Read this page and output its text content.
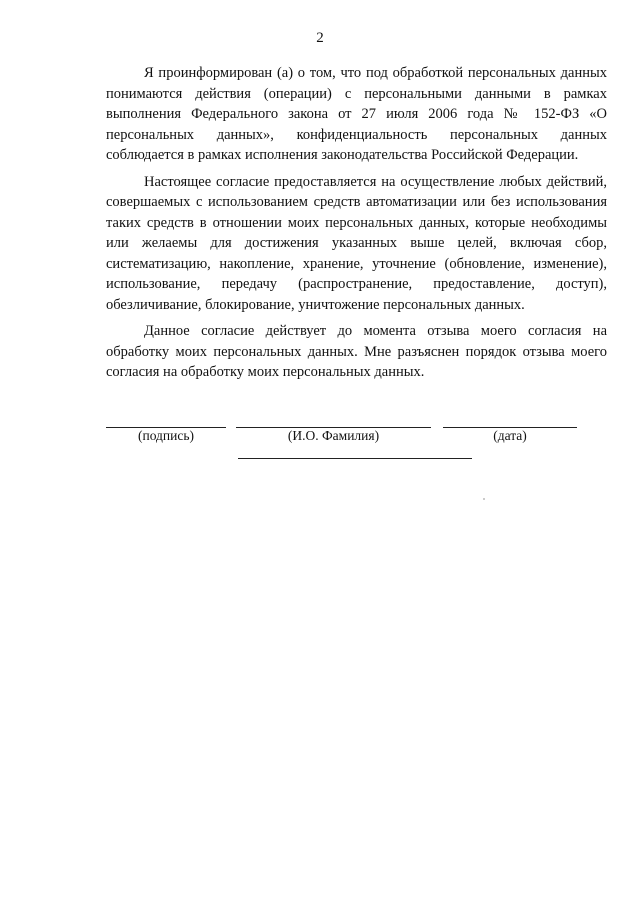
2

Я проинформирован (а) о том, что под обработкой персональных данных понимаются действия (операции) с персональными данными в рамках выполнения Федерального закона от 27 июля 2006 года № 152-ФЗ «О персональных данных», конфиденциальность персональных данных соблюдается в рамках исполнения законодательства Российской Федерации.

Настоящее согласие предоставляется на осуществление любых действий, совершаемых с использованием средств автоматизации или без использования таких средств в отношении моих персональных данных, которые необходимы или желаемы для достижения указанных выше целей, включая сбор, систематизацию, накопление, хранение, уточнение (обновление, изменение), использование, передачу (распространение, предоставление, доступ), обезличивание, блокирование, уничтожение персональных данных.

Данное согласие действует до момента отзыва моего согласия на обработку моих персональных данных. Мне разъяснен порядок отзыва моего согласия на обработку моих персональных данных.

(подпись)	(И.О. Фамилия)	(дата)
